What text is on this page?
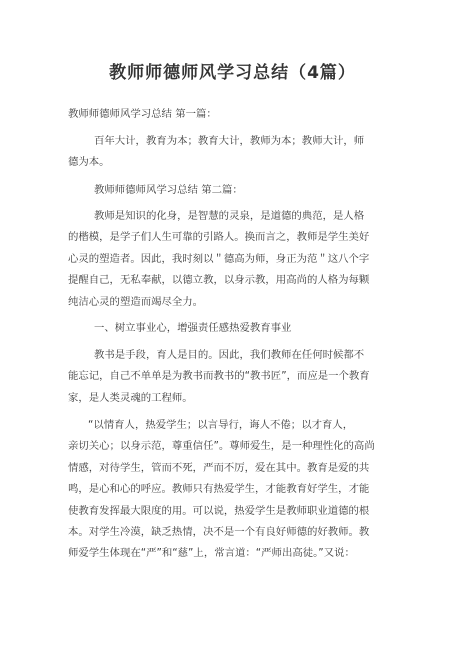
教师师德师风学习总结（4篇）
教师师德师风学习总结 第一篇：
百年大计，教育为本；教育大计，教师为本；教师大计，师
德为本。
教师师德师风学习总结 第二篇：
教师是知识的化身，是智慧的灵泉，是道德的典范，是人格
的楷模，是学子们人生可靠的引路人。换而言之，教师是学生美好
心灵的塑造者。因此，我时刻以＂德高为师，身正为范＂这八个字
提醒自己，无私奉献，以德立教，以身示教，用高尚的人格为每颗
纯洁心灵的塑造而竭尽全力。
一、树立事业心，增强责任感热爱教育事业
教书是手段，育人是目的。因此，我们教师在任何时候都不
能忘记，自己不单单是为教书而教书的“教书匠”，而应是一个教育
家，是人类灵魂的工程师。
“以情育人，热爱学生；以言导行，诲人不倦；以才育人，
亲切关心；以身示范，尊重信任”。尊师爱生，是一种理性化的高尚
情感，对待学生，管而不死，严而不厉，爱在其中。教育是爱的共
鸣，是心和心的呼应。教师只有热爱学生，才能教育好学生，才能
使教育发挥最大限度的用。可以说，热爱学生是教师职业道德的根
本。对学生冷漠，缺乏热情，决不是一个有良好师德的好教师。教
师爱学生体现在“严”和“慈”上，常言道：“严师出高徒。”又说：
